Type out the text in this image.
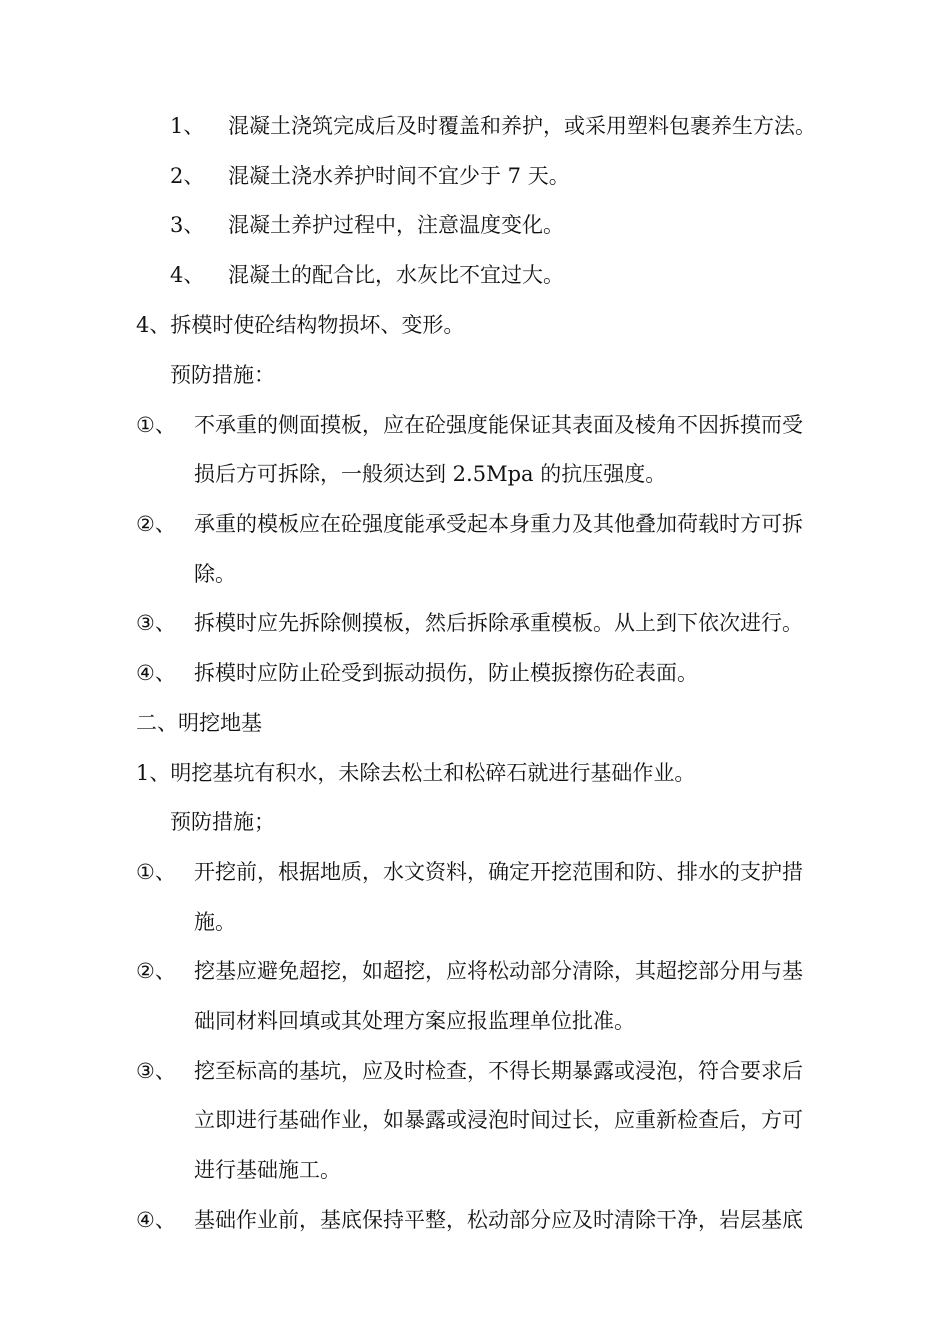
1、 混凝土浇筑完成后及时覆盖和养护，或采用塑料包裹养生方法。
2、 混凝土浇水养护时间不宜少于 7 天。
3、 混凝土养护过程中，注意温度变化。
4、 混凝土的配合比，水灰比不宜过大。
4、拆模时使砼结构物损坏、变形。
预防措施：
①、 不承重的侧面摸板，应在砼强度能保证其表面及棱角不因拆摸而受
损后方可拆除，一般须达到 2.5Mpa 的抗压强度。
②、 承重的模板应在砼强度能承受起本身重力及其他叠加荷载时方可拆
除。
③、 拆模时应先拆除侧摸板，然后拆除承重模板。从上到下依次进行。
④、 拆模时应防止砼受到振动损伤，防止模扳擦伤砼表面。
二、明挖地基
1、明挖基坑有积水，未除去松土和松碎石就进行基础作业。
预防措施；
①、 开挖前，根据地质，水文资料，确定开挖范围和防、排水的支护措
施。
②、 挖基应避免超挖，如超挖，应将松动部分清除，其超挖部分用与基
础同材料回填或其处理方案应报监理单位批准。
③、 挖至标高的基坑，应及时检查，不得长期暴露或浸泡，符合要求后
立即进行基础作业，如暴露或浸泡时间过长，应重新检查后，方可
进行基础施工。
④、 基础作业前，基底保持平整，松动部分应及时清除干净，岩层基底
